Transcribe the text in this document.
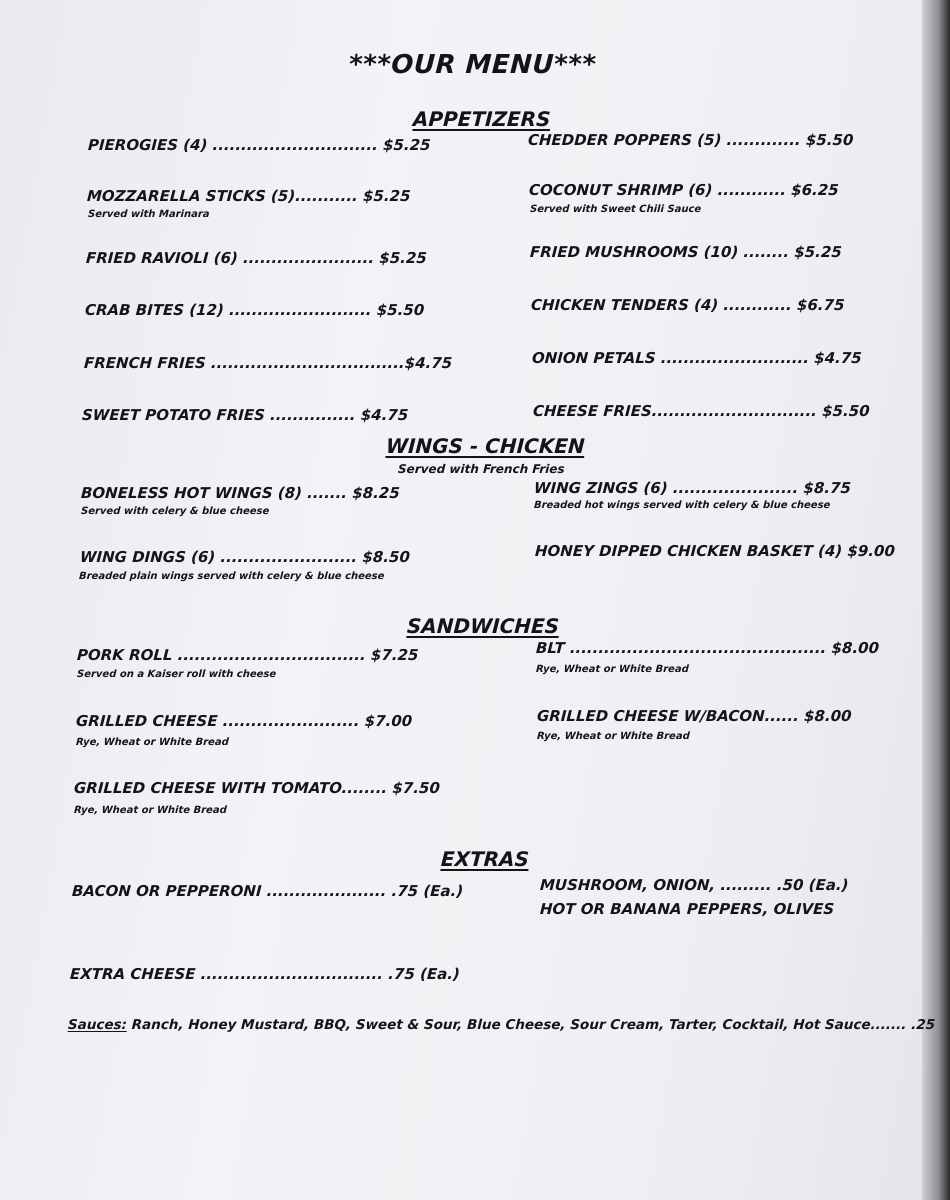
***OUR MENU***
APPETIZERS
PIEROGIES (4) ............................. $5.25
MOZZARELLA STICKS (5)........... $5.25
Served with Marinara
FRIED RAVIOLI (6) ....................... $5.25
CRAB BITES (12) ......................... $5.50
FRENCH FRIES ..................................$4.75
SWEET POTATO FRIES ............... $4.75
CHEDDER POPPERS (5) ............. $5.50
COCONUT SHRIMP (6) ............ $6.25
Served with Sweet Chili Sauce
FRIED MUSHROOMS (10) ........ $5.25
CHICKEN TENDERS (4) ............ $6.75
ONION PETALS .......................... $4.75
CHEESE FRIES............................. $5.50
WINGS - CHICKEN
Served with French Fries
BONELESS HOT WINGS (8) ....... $8.25
Served with celery & blue cheese
WING DINGS (6) ........................ $8.50
Breaded plain wings served with celery & blue cheese
WING ZINGS (6) ...................... $8.75
Breaded hot wings served with celery & blue cheese
HONEY DIPPED CHICKEN BASKET (4) $9.00
SANDWICHES
PORK ROLL ................................. $7.25
Served on a Kaiser roll with cheese
GRILLED CHEESE ........................ $7.00
Rye, Wheat or White Bread
GRILLED CHEESE WITH TOMATO........ $7.50
Rye, Wheat or White Bread
BLT ............................................. $8.00
Rye, Wheat or White Bread
GRILLED CHEESE W/BACON...... $8.00
Rye, Wheat or White Bread
EXTRAS
BACON OR PEPPERONI ..................... .75 (Ea.)
EXTRA CHEESE ................................ .75 (Ea.)
MUSHROOM, ONION, ......... .50 (Ea.)
HOT OR BANANA PEPPERS, OLIVES
Sauces: Ranch, Honey Mustard, BBQ, Sweet & Sour, Blue Cheese, Sour Cream, Tarter, Cocktail, Hot Sauce....... .25
